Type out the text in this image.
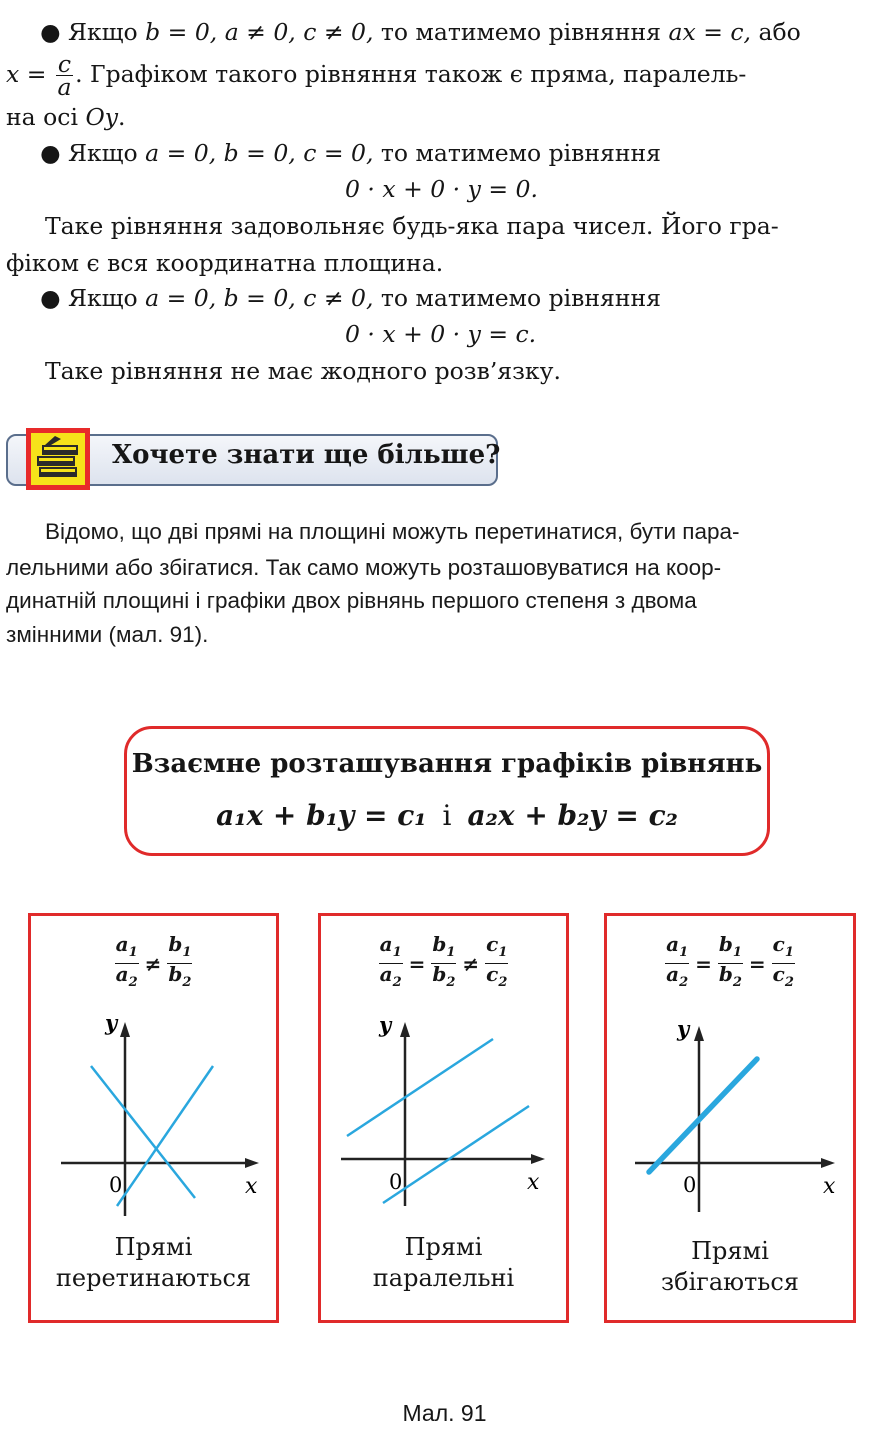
● Якщо b = 0, a ≠ 0, c ≠ 0, то матимемо рівняння ax = c, або
$x = \frac{c}{a}$ . Графіком такого рівняння також є пряма, паралель-
на осі Oy.
● Якщо a = 0, b = 0, c = 0, то матимемо рівняння
0 · x + 0 · y = 0.
Таке рівняння задовольняє будь-яка пара чисел. Його гра-
фіком є вся координатна площина.
● Якщо a = 0, b = 0, c ≠ 0, то матимемо рівняння
0 · x + 0 · y = c.
Таке рівняння не має жодного розв’язку.
Хочете знати ще більше?
Відомо, що дві прямі на площині можуть перетинатися, бути пара-
лельними або збігатися. Так само можуть розташовуватися на коор-
динатній площині і графіки двох рівнянь першого степеня з двома
змінними (мал. 91).
Взаємне розташування графіків рівнянь
a₁x + b₁y = c₁ і a₂x + b₂y = c₂
$\frac{a_1}{a_2} \ne \frac{b_1}{b_2}$
y
x
0
Прямі
перетинаються
$\frac{a_1}{a_2} = \frac{b_1}{b_2} \ne \frac{c_1}{c_2}$
y
x
0
Прямі
паралельні
$\frac{a_1}{a_2} = \frac{b_1}{b_2} = \frac{c_1}{c_2}$
y
x
0
Прямі
збігаються
Мал. 91
